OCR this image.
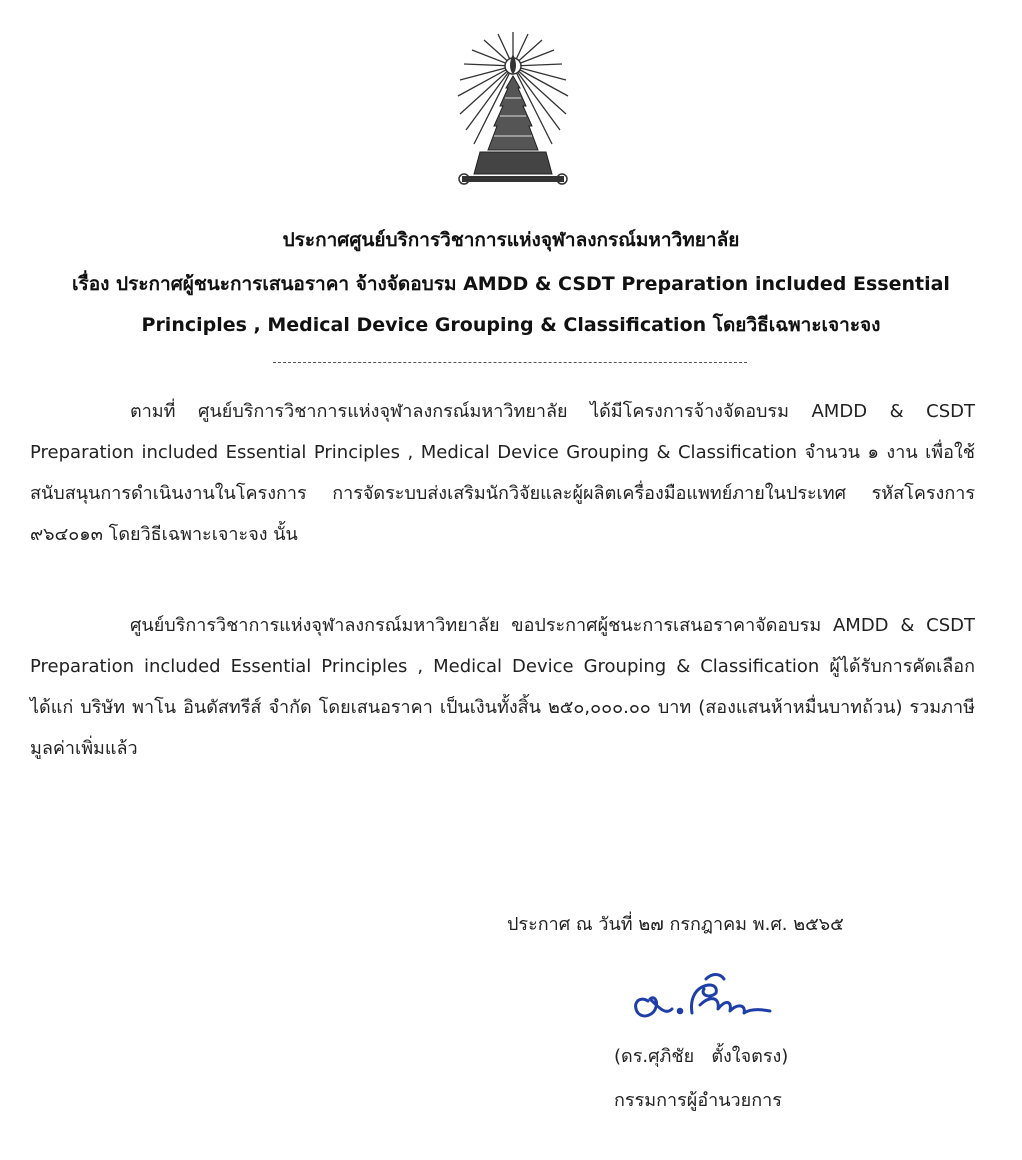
ประกาศศูนย์บริการวิชาการแห่งจุฬาลงกรณ์มหาวิทยาลัย
เรื่อง ประกาศผู้ชนะการเสนอราคา จ้างจัดอบรม AMDD & CSDT Preparation included Essential
Principles , Medical Device Grouping & Classification โดยวิธีเฉพาะเจาะจง
ตามที่ ศูนย์บริการวิชาการแห่งจุฬาลงกรณ์มหาวิทยาลัย ได้มีโครงการจ้างจัดอบรม AMDD & CSDT Preparation included Essential Principles , Medical Device Grouping & Classification จำนวน ๑ งาน เพื่อใช้สนับสนุนการดำเนินงานในโครงการ การจัดระบบส่งเสริมนักวิจัยและผู้ผลิตเครื่องมือแพทย์ภายในประเทศ รหัสโครงการ ๙๖๔๐๑๓ โดยวิธีเฉพาะเจาะจง นั้น
ศูนย์บริการวิชาการแห่งจุฬาลงกรณ์มหาวิทยาลัย ขอประกาศผู้ชนะการเสนอราคาจัดอบรม AMDD & CSDT Preparation included Essential Principles , Medical Device Grouping & Classification ผู้ได้รับการคัดเลือก ได้แก่ บริษัท พาโน อินดัสทรีส์ จำกัด โดยเสนอราคา เป็นเงินทั้งสิ้น ๒๕๐,๐๐๐.๐๐ บาท (สองแสนห้าหมื่นบาทถ้วน) รวมภาษีมูลค่าเพิ่มแล้ว
ประกาศ ณ วันที่ ๒๗ กรกฎาคม พ.ศ. ๒๕๖๕
(ดร.ศุภิชัย   ตั้งใจตรง)
กรรมการผู้อำนวยการ
